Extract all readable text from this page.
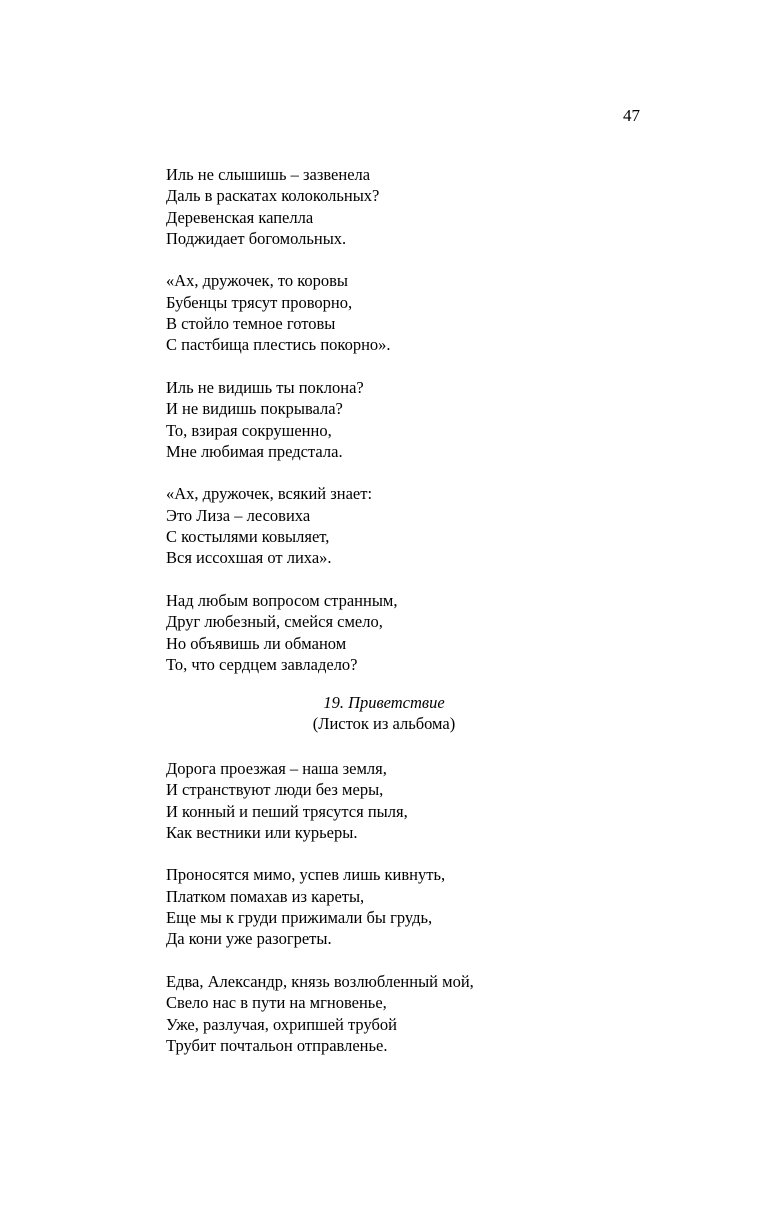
47
Иль не слышишь – зазвенела
Даль в раскатах колокольных?
Деревенская капелла
Поджидает богомольных.
«Ах, дружочек, то коровы
Бубенцы трясут проворно,
В стойло темное готовы
С пастбища плестись покорно».
Иль не видишь ты поклона?
И не видишь покрывала?
То, взирая сокрушенно,
Мне любимая предстала.
«Ах, дружочек, всякий знает:
Это Лиза – лесовиха
С костылями ковыляет,
Вся иссохшая от лиха».
Над любым вопросом странным,
Друг любезный, смейся смело,
Но объявишь ли обманом
То, что сердцем завладело?
19. Приветствие
(Листок из альбома)
Дорога проезжая – наша земля,
И странствуют люди без меры,
И конный и пеший трясутся пыля,
Как вестники или курьеры.
Проносятся мимо, успев лишь кивнуть,
Платком помахав из кареты,
Еще мы к груди прижимали бы грудь,
Да кони уже разогреты.
Едва, Александр, князь возлюбленный мой,
Свело нас в пути на мгновенье,
Уже, разлучая, охрипшей трубой
Трубит почтальон отправленье.
